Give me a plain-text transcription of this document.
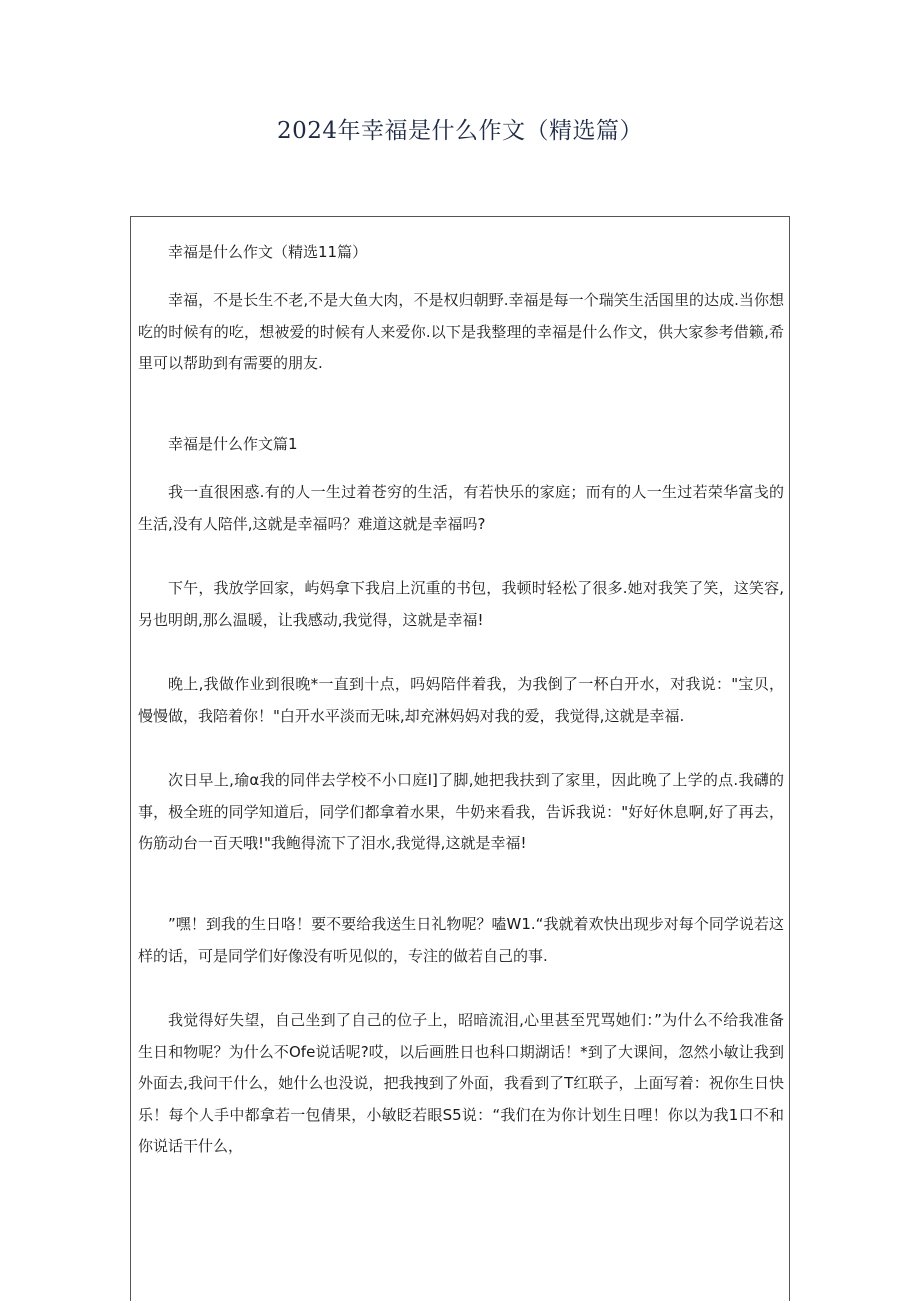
2024年幸福是什么作文（精选篇）

幸福是什么作文（精选11篇）

幸福，不是长生不老,不是大鱼大肉，不是权归朝野.幸福是每一个瑞笑生活国里的达成.当你想吃的时候有的吃，想被爱的时候有人来爱你.以下是我整理的幸福是什么作文，供大家参考借籁,希里可以帮助到有需要的朋友.

幸福是什么作文篇1

我一直很困惑.有的人一生过着苍穷的生活，有若快乐的家庭；而有的人一生过若荣华富戋的生活,没有人陪伴,这就是幸福吗？难道这就是幸福吗?

下午，我放学回家，屿妈拿下我启上沉重的书包，我顿时轻松了很多.她对我笑了笑，这笑容,另也明朗,那么温暖，让我感动,我觉得，这就是幸福!

晚上,我做作业到很晚*一直到十点，吗妈陪伴着我，为我倒了一杯白开水，对我说："宝贝，慢慢做，我陪着你！"白开水平淡而无味,却充淋妈妈对我的爱，我觉得,这就是幸福.

次日早上,瑜α我的同伴去学校不小口庭I]了脚,她把我扶到了家里，因此晚了上学的点.我礴的事，极全班的同学知道后，同学们都拿着水果，牛奶来看我，告诉我说："好好休息啊,好了再去，伤筋动台一百天哦!"我鲍得流下了泪水,我觉得,这就是幸福!

”嘿！到我的生日咯！要不要给我送生日礼物呢？嗑W1.“我就着欢快出现步对每个同学说若这样的话，可是同学们好像没有听见似的，专注的做若自己的事.

我觉得好失望，自己坐到了自己的位子上，昭暗流泪,心里甚至咒骂她们：”为什么不给我准备生日和物呢？为什么不Ofe说话呢?哎，以后画胜日也科口期湖话！*到了大课间，忽然小敏让我到外面去,我问干什么，她什么也没说，把我拽到了外面，我看到了T红联子，上面写着：祝你生日快乐！每个人手中都拿若一包倩果，小敏眨若眼S5说：“我们在为你计划生日哩！你以为我1口不和你说话干什么，
